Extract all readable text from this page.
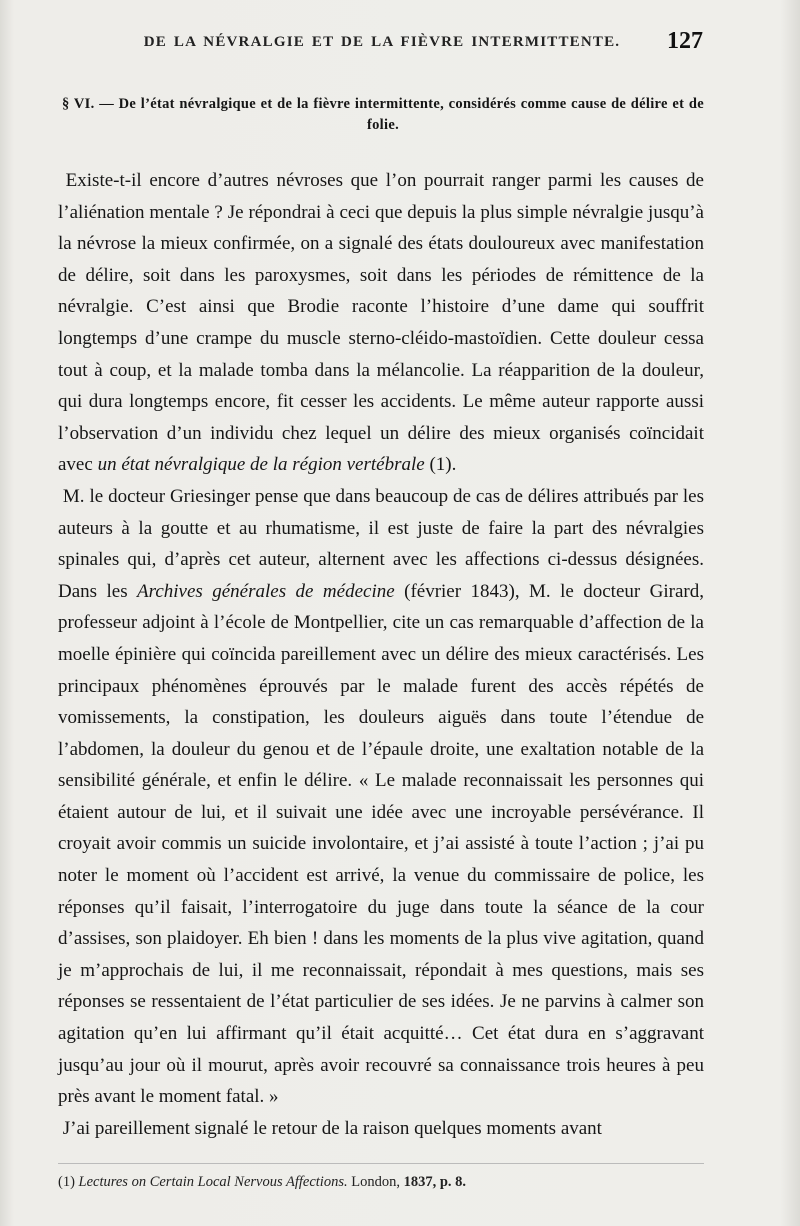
DE LA NÉVRALGIE ET DE LA FIÈVRE INTERMITTENTE.	127
§ VI. — De l’état névralgique et de la fièvre intermittente, considérés comme cause de délire et de folie.

Existe-t-il encore d’autres névroses que l’on pourrait ranger parmi les causes de l’aliénation mentale ? Je répondrai à ceci que depuis la plus simple névralgie jusqu’à la névrose la mieux confirmée, on a signalé des états douloureux avec manifestation de délire, soit dans les paroxysmes, soit dans les périodes de rémittence de la névralgie. C’est ainsi que Brodie raconte l’histoire d’une dame qui souffrit longtemps d’une crampe du muscle sterno-cléido-mastoïdien. Cette douleur cessa tout à coup, et la malade tomba dans la mélancolie. La réapparition de la douleur, qui dura longtemps encore, fit cesser les accidents. Le même auteur rapporte aussi l’observation d’un individu chez lequel un délire des mieux organisés coïncidait avec un état névralgique de la région vertébrale (1).

M. le docteur Griesinger pense que dans beaucoup de cas de délires attribués par les auteurs à la goutte et au rhumatisme, il est juste de faire la part des névralgies spinales qui, d’après cet auteur, alternent avec les affections ci-dessus désignées. Dans les Archives générales de médecine (février 1843), M. le docteur Girard, professeur adjoint à l’école de Montpellier, cite un cas remarquable d’affection de la moelle épinière qui coïncida pareillement avec un délire des mieux caractérisés. Les principaux phénomènes éprouvés par le malade furent des accès répétés de vomissements, la constipation, les douleurs aiguës dans toute l’étendue de l’abdomen, la douleur du genou et de l’épaule droite, une exaltation notable de la sensibilité générale, et enfin le délire. « Le malade reconnaissait les personnes qui étaient autour de lui, et il suivait une idée avec une incroyable persévérance. Il croyait avoir commis un suicide involontaire, et j’ai assisté à toute l’action ; j’ai pu noter le moment où l’accident est arrivé, la venue du commissaire de police, les réponses qu’il faisait, l’interrogatoire du juge dans toute la séance de la cour d’assises, son plaidoyer. Eh bien ! dans les moments de la plus vive agitation, quand je m’approchais de lui, il me reconnaissait, répondait à mes questions, mais ses réponses se ressentaient de l’état particulier de ses idées. Je ne parvins à calmer son agitation qu’en lui affirmant qu’il était acquitté… Cet état dura en s’aggravant jusqu’au jour où il mourut, après avoir recouvré sa connaissance trois heures à peu près avant le moment fatal. »

J’ai pareillement signalé le retour de la raison quelques moments avant

(1) Lectures on Certain Local Nervous Affections. London, 1837, p. 8.
